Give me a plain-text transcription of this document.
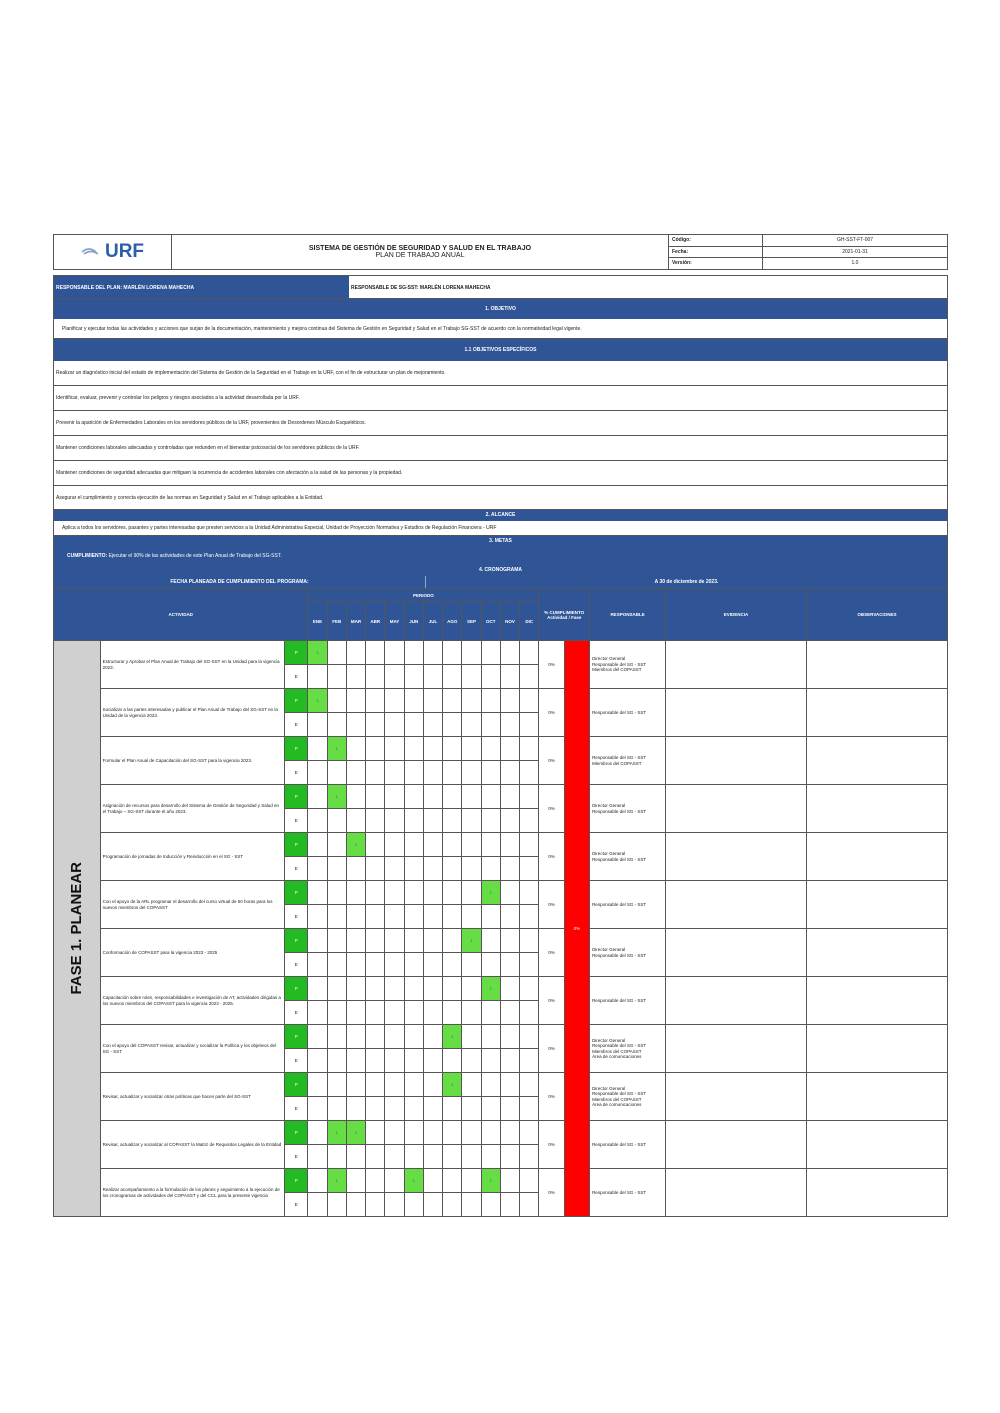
URF	SISTEMA DE GESTIÓN DE SEGURIDAD Y SALUD EN EL TRABAJO
PLAN DE TRABAJO ANUAL
Código:	GH-SST-FT-007
Fecha:	2021-01-31
Versión:	1.0
RESPONSABLE DEL PLAN: MARLÉN LORENA MAHECHA	RESPONSABLE DE SG-SST: MARLÉN LORENA MAHECHA
1. OBJETIVO
Planificar y ejecutar todas las actividades y acciones que surjan de la documentación, mantenimiento y mejora continua del Sistema de Gestión en Seguridad y Salud en el Trabajo SG-SST de acuerdo con la normatividad legal vigente.
1.1 OBJETIVOS ESPECÍFICOS
Realizar un diagnóstico inicial del estado de implementación del Sistema de Gestión de la Seguridad en el Trabajo en la URF, con el fin de estructurar un plan de mejoramiento.
Identificar, evaluar, prevenir y controlar los peligros y riesgos asociados a la actividad desarrollada por la URF.
Prevenir la aparición de Enfermedades Laborales en los servidores públicos de la URF, provenientes de Desordenes Músculo Esqueléticos.
Mantener condiciones laborales adecuadas y controladas que redunden en el bienestar psicosocial de los servidores públicos de la URF.
Mantener condiciones de seguridad adecuadas que mitiguen la ocurrencia de accidentes laborales con afectación a la salud de las personas y la propiedad.
Asegurar el cumplimiento y correcta ejecución de las normas en Seguridad y Salud en el Trabajo aplicables a la Entidad.
2. ALCANCE
Aplica a todos los servidores, pasantes y partes interesadas que presten servicios a la Unidad Administrativa Especial, Unidad de Proyección Normativa y Estudios de Regulación Financiera - URF
3. METAS
CUMPLIMIENTO: Ejecutar el 90% de las actividades de este Plan Anual de Trabajo del SG-SST.
4. CRONOGRAMA
FECHA PLANEADA DE CUMPLIMIENTO DEL PROGRAMA:	A 30 de diciembre de 2023.
ACTIVIDAD			PERIODO												% CUMPLIMIENTO Actividad / Fase		RESPONSABLE	EVIDENCIA	OBSERVACIONES
			ENE	FEB	MAR	ABR	MAY	JUN	JUL	AGO	SEP	OCT	NOV	DIC					

FASE 1. PLANEAR	Estructurar y Aprobar el Plan Anual de Trabajo del SG-SST en la Unidad para la vigencia 2023.	P	1												0%	0%	Director General
Responsable del SG - SST
Miembros del COPASST		
		E																	
	Socializar a las partes interesadas y publicar el Plan Anual de Trabajo del SG-SST en la Unidad de la vigencia 2023.	P	1												0%		Responsable del SG - SST		
		E																	
	Formular el Plan Anual de Capacitación del SG-SST para la vigencia 2023.	P		1											0%		Responsable del SG - SST
Miembros del COPASST		
		E																	
	Asignación de recursos para desarrollo del Sistema de Gestión de Seguridad y Salud en el Trabajo – SG-SST durante el año 2023.	P		1											0%		Director General
Responsable del SG - SST		
		E																	
	Programación de jornadas de Inducción y Reinducción en el SG - SST	P			1										0%		Director General
Responsable del SG - SST		
		E																	
	Con el apoyo de la ARL programar el desarrollo del curso virtual de 50 horas para los nuevos miembros del COPASST	P										1			0%		Responsable del SG - SST		
		E																	
	Conformación de COPASST para la vigencia 2023 - 2025	P									1				0%		Director General
Responsable del SG - SST		
		E																	
	Capacitación sobre roles, responsabilidades e investigación de AT, actividades dirigidas a los nuevos miembros del COPASST para la vigencia 2023 - 2025.	P										1			0%		Responsable del SG - SST		
		E																	
	Con el apoyo del COPASST revisar, actualizar y socializar la Política y los objetivos del SG - SST	P								1					0%		Director General
Responsable del SG - SST
Miembros del COPASST
Área de comunicaciones		
		E																	
	Revisar, actualizar y socializar otras políticas que hacen parte del SG-SST	P								1					0%		Director General
Responsable del SG - SST
Miembros del COPASST
Área de comunicaciones		
		E																	
	Revisar, actualizar y socializar al COPASST la Matriz de Requisitos Legales de la Entidad	P		1	1										0%		Responsable del SG - SST		
		E																	
	Realizar acompañamiento a la formulación de los planes y seguimiento a la ejecución de los cronogramas de actividades del COPASST y del CCL para la presente vigencia	P		1				1				1			0%		Responsable del SG - SST		
		E																	
